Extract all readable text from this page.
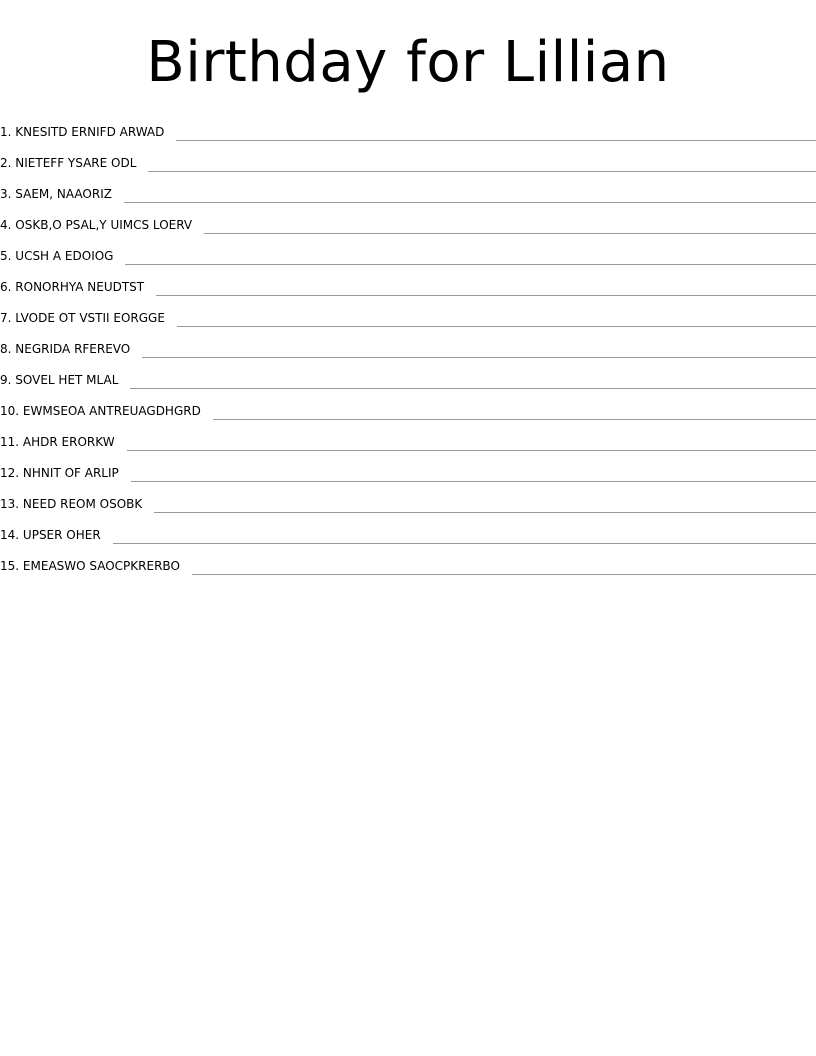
Birthday for Lillian
1. KNESITD ERNIFD ARWAD
2. NIETEFF YSARE ODL
3. SAEM, NAAORIZ
4. OSKB,O PSAL,Y UIMCS LOERV
5. UCSH A EDOIOG
6. RONORHYA NEUDTST
7. LVODE OT VSTII EORGGE
8. NEGRIDA RFEREVO
9. SOVEL HET MLAL
10. EWMSEOA ANTREUAGDHGRD
11. AHDR ERORKW
12. NHNIT OF ARLIP
13. NEED REOM OSOBK
14. UPSER OHER
15. EMEASWO SAOCPKRERBO
